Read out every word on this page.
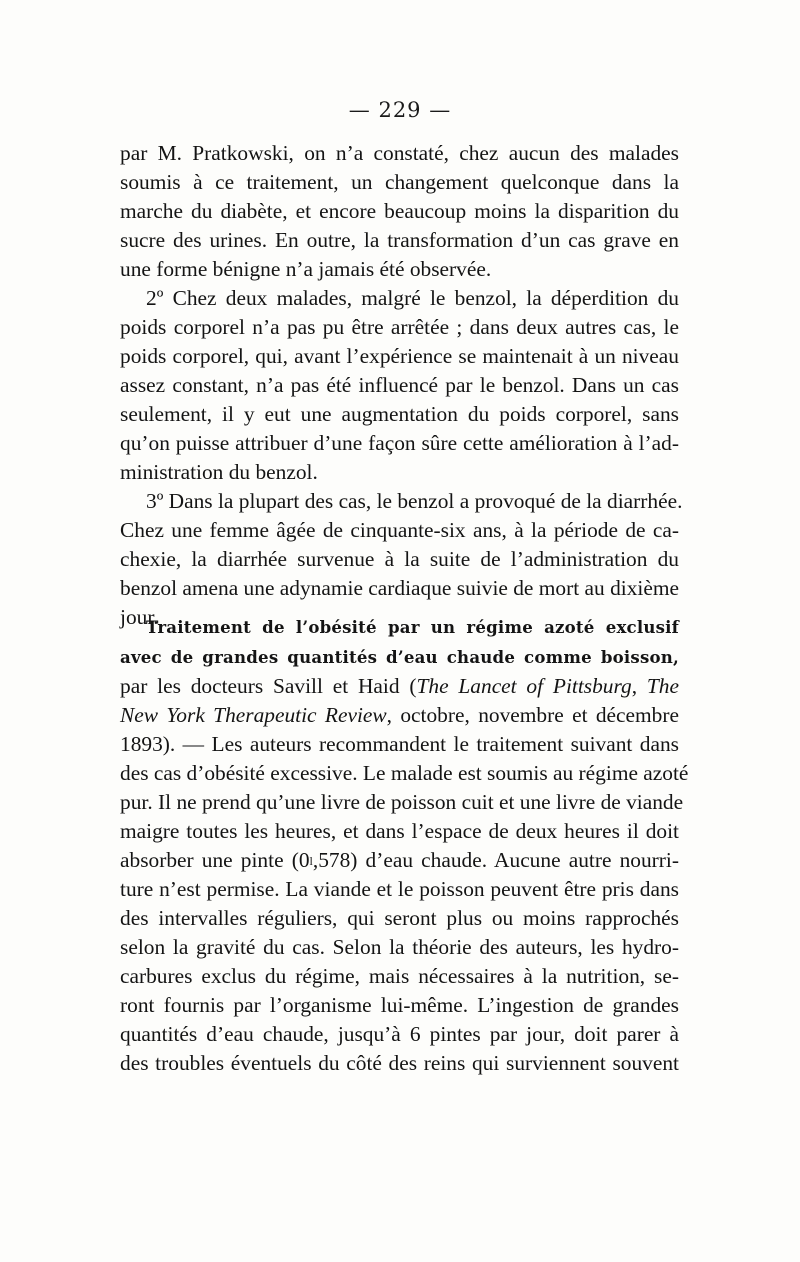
— 229 —
par M. Pratkowski, on n’a constaté, chez aucun des malades
soumis à ce traitement, un changement quelconque dans la
marche du diabète, et encore beaucoup moins la disparition du
sucre des urines. En outre, la transformation d’un cas grave en
une forme bénigne n’a jamais été observée.
2º Chez deux malades, malgré le benzol, la déperdition du
poids corporel n’a pas pu être arrêtée ; dans deux autres cas, le
poids corporel, qui, avant l’expérience se maintenait à un niveau
assez constant, n’a pas été influencé par le benzol. Dans un cas
seulement, il y eut une augmentation du poids corporel, sans
qu’on puisse attribuer d’une façon sûre cette amélioration à l’ad-
ministration du benzol.
3º Dans la plupart des cas, le benzol a provoqué de la diarrhée.
Chez une femme âgée de cinquante-six ans, à la période de ca-
chexie, la diarrhée survenue à la suite de l’administration du
benzol amena une adynamie cardiaque suivie de mort au dixième
jour.
Traitement de l’obésité par un régime azoté exclusif
avec de grandes quantités d’eau chaude comme boisson,
par les docteurs Savill et Haid (The Lancet of Pittsburg, The
New York Therapeutic Review, octobre, novembre et décembre
1893). — Les auteurs recommandent le traitement suivant dans
des cas d’obésité excessive. Le malade est soumis au régime azoté
pur. Il ne prend qu’une livre de poisson cuit et une livre de viande
maigre toutes les heures, et dans l’espace de deux heures il doit
absorber une pinte (0$^l$,578) d’eau chaude. Aucune autre nourri-
ture n’est permise. La viande et le poisson peuvent être pris dans
des intervalles réguliers, qui seront plus ou moins rapprochés
selon la gravité du cas. Selon la théorie des auteurs, les hydro-
carbures exclus du régime, mais nécessaires à la nutrition, se-
ront fournis par l’organisme lui-même. L’ingestion de grandes
quantités d’eau chaude, jusqu’à 6 pintes par jour, doit parer à
des troubles éventuels du côté des reins qui surviennent souvent
